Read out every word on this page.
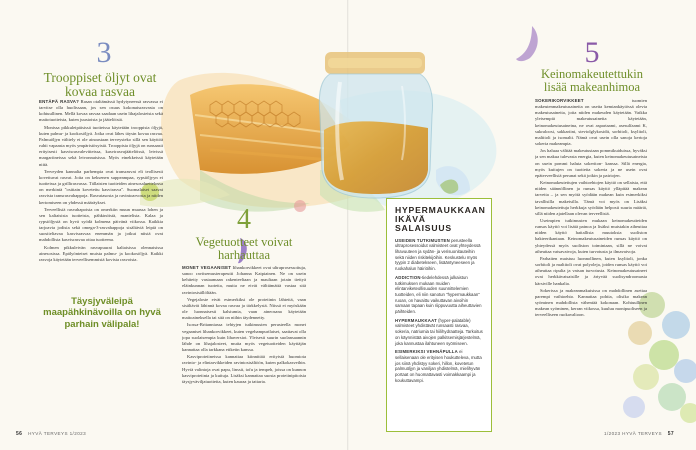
3
Trooppiset öljyt ovat kovaa rasvaa

ENTÄPÄ RASVA? Rasan otaltämässä hydytyneessä rasvassa ei tarvitse olla huolissaan, jos sen osuus kokonaisrasvasta on kohtuullinen. Mellä kovaa rasvaa saadaan usein lihajalosteista sekä maitotuotteista, kuten juustoista ja jäätelöistä.

Monissa pikkuleipäisissä tuotteissa käytetään trooppisia öljyjä, kuten palmu- ja kookosöljyä. Jotka ovat lähes täysin kovaa rasvaa. Palmuöljyn välttely ei ole ainoastaan terveysteko sillä sen käyttöä ruhii vapaasta myös ympäristösyistä. Trooppisia öljyjä on runsaasti erityisesti kasvisrasvalevitteissa, kasvirasvajäätelöissä, leivissä margariineissa sekä leivonnaisissa. Myös einekkeissä käytetään niitä.

Terveyden kannalta parhempia ovat transrasvat eli teollisesti kovettuvat rasvat. Joita on keksenen suppeampaa, rypsiöljyyn ei tuotteissa ja grillirasvassa. Tällaisten tuotteiden ainesosaluettelossa on merkintä "osittain kovetettu kasvirasva". Suomalaiset saavat rasvista transrasvahappoja. Rasvatasosta ja ravintoarvosta ja niiden kertomiseen on yhdessä määräykset.

Terveellisiä rasvahapoista on omerkiin muun muassa lohen ja sen kaltaisista tuotteista, pähkinöistä, mantelista. Kalaa ja rypsiöljystä on hyvä syödä kolmena päivänä viikossa. Kaikkia tarjoavia jodisia sekä omega-3-rasvahappoja sisältäviä leipiä on suositeltavaa kasvisrasvaa enemmän ja jotkut niistä ovat mahdollista kasvisrasvaa ottaa tuotteena.

Kolmen pikkuleivän rasvapuurat kaltaisissa olennaisissa ainesosissa. Epälyönteiset muista palmu- ja kookosöljyä. Kaikki rasvoja käytetään terveellisemmistä kovista rasvoista.

Täysjyväleipä maapähkinävoilla on hyvä parhain välipala!
4
Vegetuotteet voivat harhauttaa

MONET VEGAANISET Iihankorvikkeet ovat ultraprosessoituja, sanoo ravitsemusterapeutti Johanna Kaipiainen. Ne on usein kehitetty vastaamaan rakenteeltaan ja maultaan jotain tiettyä eläinkunnan tuotetta, mutta ne eivät välttämättä vastaa sitä ravintosisällöltään.

Vegejaloste eivät esimerkiksi ole proteiinin lähteitä, vaan sisältävät lähinnä kovaa rasvaa ja tärkkelystä. Niissä ei myöskään ole luonnaisesti kalsiumia, vaan aineosana käytetään maitoaineksella tai sitä on niihin täydennetty.

Isossa-Britanniassa tehtyjen tutkimusten perusteella monet vegaaniset lihankorvikkeet, kuten vegehampurilaiset, saattavat olla jopa suolaisempia kuin lihaversiot. Yleisesti suurin suolansaannin lähde on lihajalosteet, mutta myös vegetuotteiden käyttäjän kannattaa olla tarkkana etiketin kanssa.

Kasviproteiineissa kannattaa kiinnittää erityistä huomiota ravinto- ja elintarvikkeiden ravintosisältöön, kuten palkokasveihin. Hyviä valintoja ovat papu, linssit, tofu ja tempeh, joissa on kunnon kasviproteiinia ja kuituja. Lisäksi kannattaa suosia proteiinipitoisia täysjyväviljatuotteita, kuten kauraa ja tattaria.

HYPERMAUKKAAN IKÄVÄ SALAISUUS
USEIDEN TUTKIMUSTEN perusteella ultraprosessoidut valmisteet ovat yhteydessä lihavuuteen ja sydän- ja verisuonitauteihin sekä niiden riskitekijöihin. Keskustelu myös tyypin 2 diabetekseen, lisääntyneeseen ja ruokahalun häiriöihin.
ADDICTION-tiedelehdessä julkaistun tutkimuksen mukaan muiden elintarviketeollisuuden suunnittelemien tuotteiden, eli niin sanotun "hypermaukkaan" ruoan, on havaittu vaikuttavan aivoihin samaan tapaan kuin riippuvuutta aiheuttavien päihteiden.
HYPERMAUKKAAT (hyper-palatable) valmisteet yhdistävät runsaasti rasvaa, sokeria, natriumia tai hiilihydraatteja. Tarkoitus on käynnistää aivojen palkitsemisjärjestelmä, joka kannustaa ilahtuneen syömiseen.
ESIMERKIKSI VEHNÄPULLA ei sellaisenaan ole erityisen houkutteleva, mutta jos siinä yhdistyy sokeri, hillon, kovetetun palmuöljyn ja vaniljan yhdistelmä, mielihyvän portaat on huomattavasti voimakkaampi ja koukuttavampi.
5
Keinomakeutettukin lisää makeanhimoa

SOKERIKORVIKKEET	tuomien makeutenmakeutusaineita on useita kemiankäytössä olevia makeutusaineita, joita niiden makeuden käytetään. Vaikka yleisempiä makeutusaineita käytetään, keinomakeutusaineina, ne ovat aspartaami, asesulfaami K, sukraloosi, sakkariini, steviolglykosidit, sorbitoli, ksylitoli, maltitoli ja isomalti. Nämä ovat usein olla sanoja kertoja sokeria makeampia.

Jos haluaa välttää makeutustaan pommikuiduissa, hyväksi ja sen makua tulevasta energia, kuten keinomakeutusaineista on usein pommi haluta sokeriton- kanssa. Sillä energia, myös kuitujen on tuotteita sokeria ja ne usein ovat epäterveellisiä perunat sekä jotkin ja pairiojen.

Keinomakeutettujen vaihtoehtojen käyttö on sellaista, että niiden säännöllinen ja runsas käyttö ylläpitää makean tarvetta – ja sen myötä syödään makean kuin esimerkiksi tavallisilla makeisilla. Tämä voi myös on Lisäksi keinomakeutettuja herkkuja syödään helposti suuria määriä, sillä niiden ajatellaan olevan terveellisiä.

Useimpien tutkimusten mukaan keinomakeutteiden runsas käyttö voi lisätä painoa ja lisäksi muistakin aiheuttaa niiden käyttö haitallisia muutoksia suoliston bakteerikantaan. Keinomakeutusaineiden runsas käyttö on yhteydessä myös suoliston toimintaan, sillä ne voivat aiheuttaa vatsavaivoja, kuten turvotusta ja ilmavaivoja.

Parhaiten maistuu luonnollinen, kuten ksylitoli, jonka sorbitoli ja maltitoli ovat polyoleja, joiden runsas käyttö voi aiheuttaa ripulia ja vatsan turvotusta. Keinomakeutusaineet ovat herkkävatsaisille ja ärtyvää suolisyndroomasta kärsiville hankalia.

Sokerissa ja makeanmakuisissa on mahdollinen asettaa parempi vaihtoehto. Kannattaa pohtia, olisiko makean syöminen mahdollista vähentää kokonaan. Kohtuullinen makean syöminen, kerran viikossa, kuuluu monipuoliseen ja terveelliseen ruokavalioon.

56 HYVÄ TERVEYS 1/2023	1/2023 HYVÄ TERVEYS 57
